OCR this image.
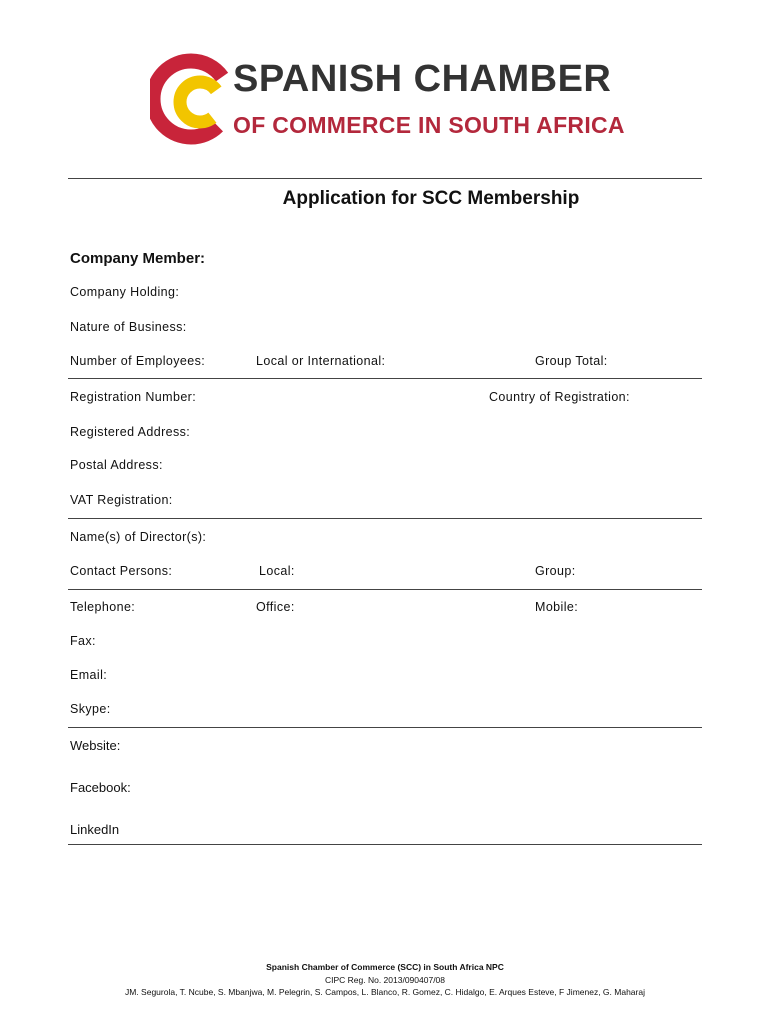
SPANISH CHAMBER
OF COMMERCE IN SOUTH AFRICA
Application for SCC Membership
Company Member:
Company Holding:
Nature of Business:
Number of Employees:	Local or International:	Group Total:
Registration Number:	Country of Registration:
Registered Address:
Postal Address:
VAT Registration:
Name(s) of Director(s):
Contact Persons:	Local:	Group:
Telephone:	Office:	Mobile:
Fax:
Email:
Skype:
Website:
Facebook:
LinkedIn
Spanish Chamber of Commerce (SCC) in South Africa NPC
CIPC Reg. No. 2013/090407/08
JM. Segurola, T. Ncube, S. Mbanjwa, M. Pelegrin, S. Campos, L. Blanco, R. Gomez, C. Hidalgo, E. Arques Esteve, F Jimenez, G. Maharaj
